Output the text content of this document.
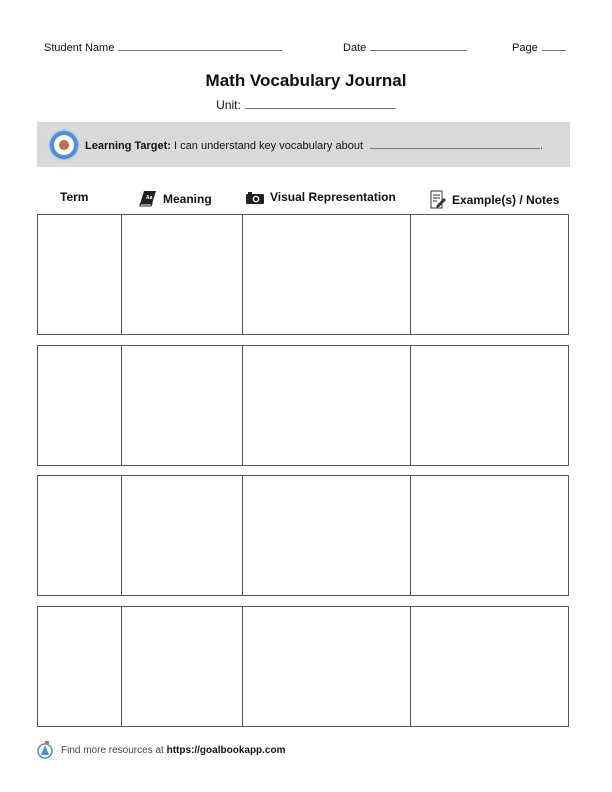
Student Name	Date	Page
Math Vocabulary Journal
Unit:
Learning Target: I can understand key vocabulary about	.
Term	Aa Meaning	Visual Representation	Example(s) / Notes
Find more resources at https://goalbookapp.com
